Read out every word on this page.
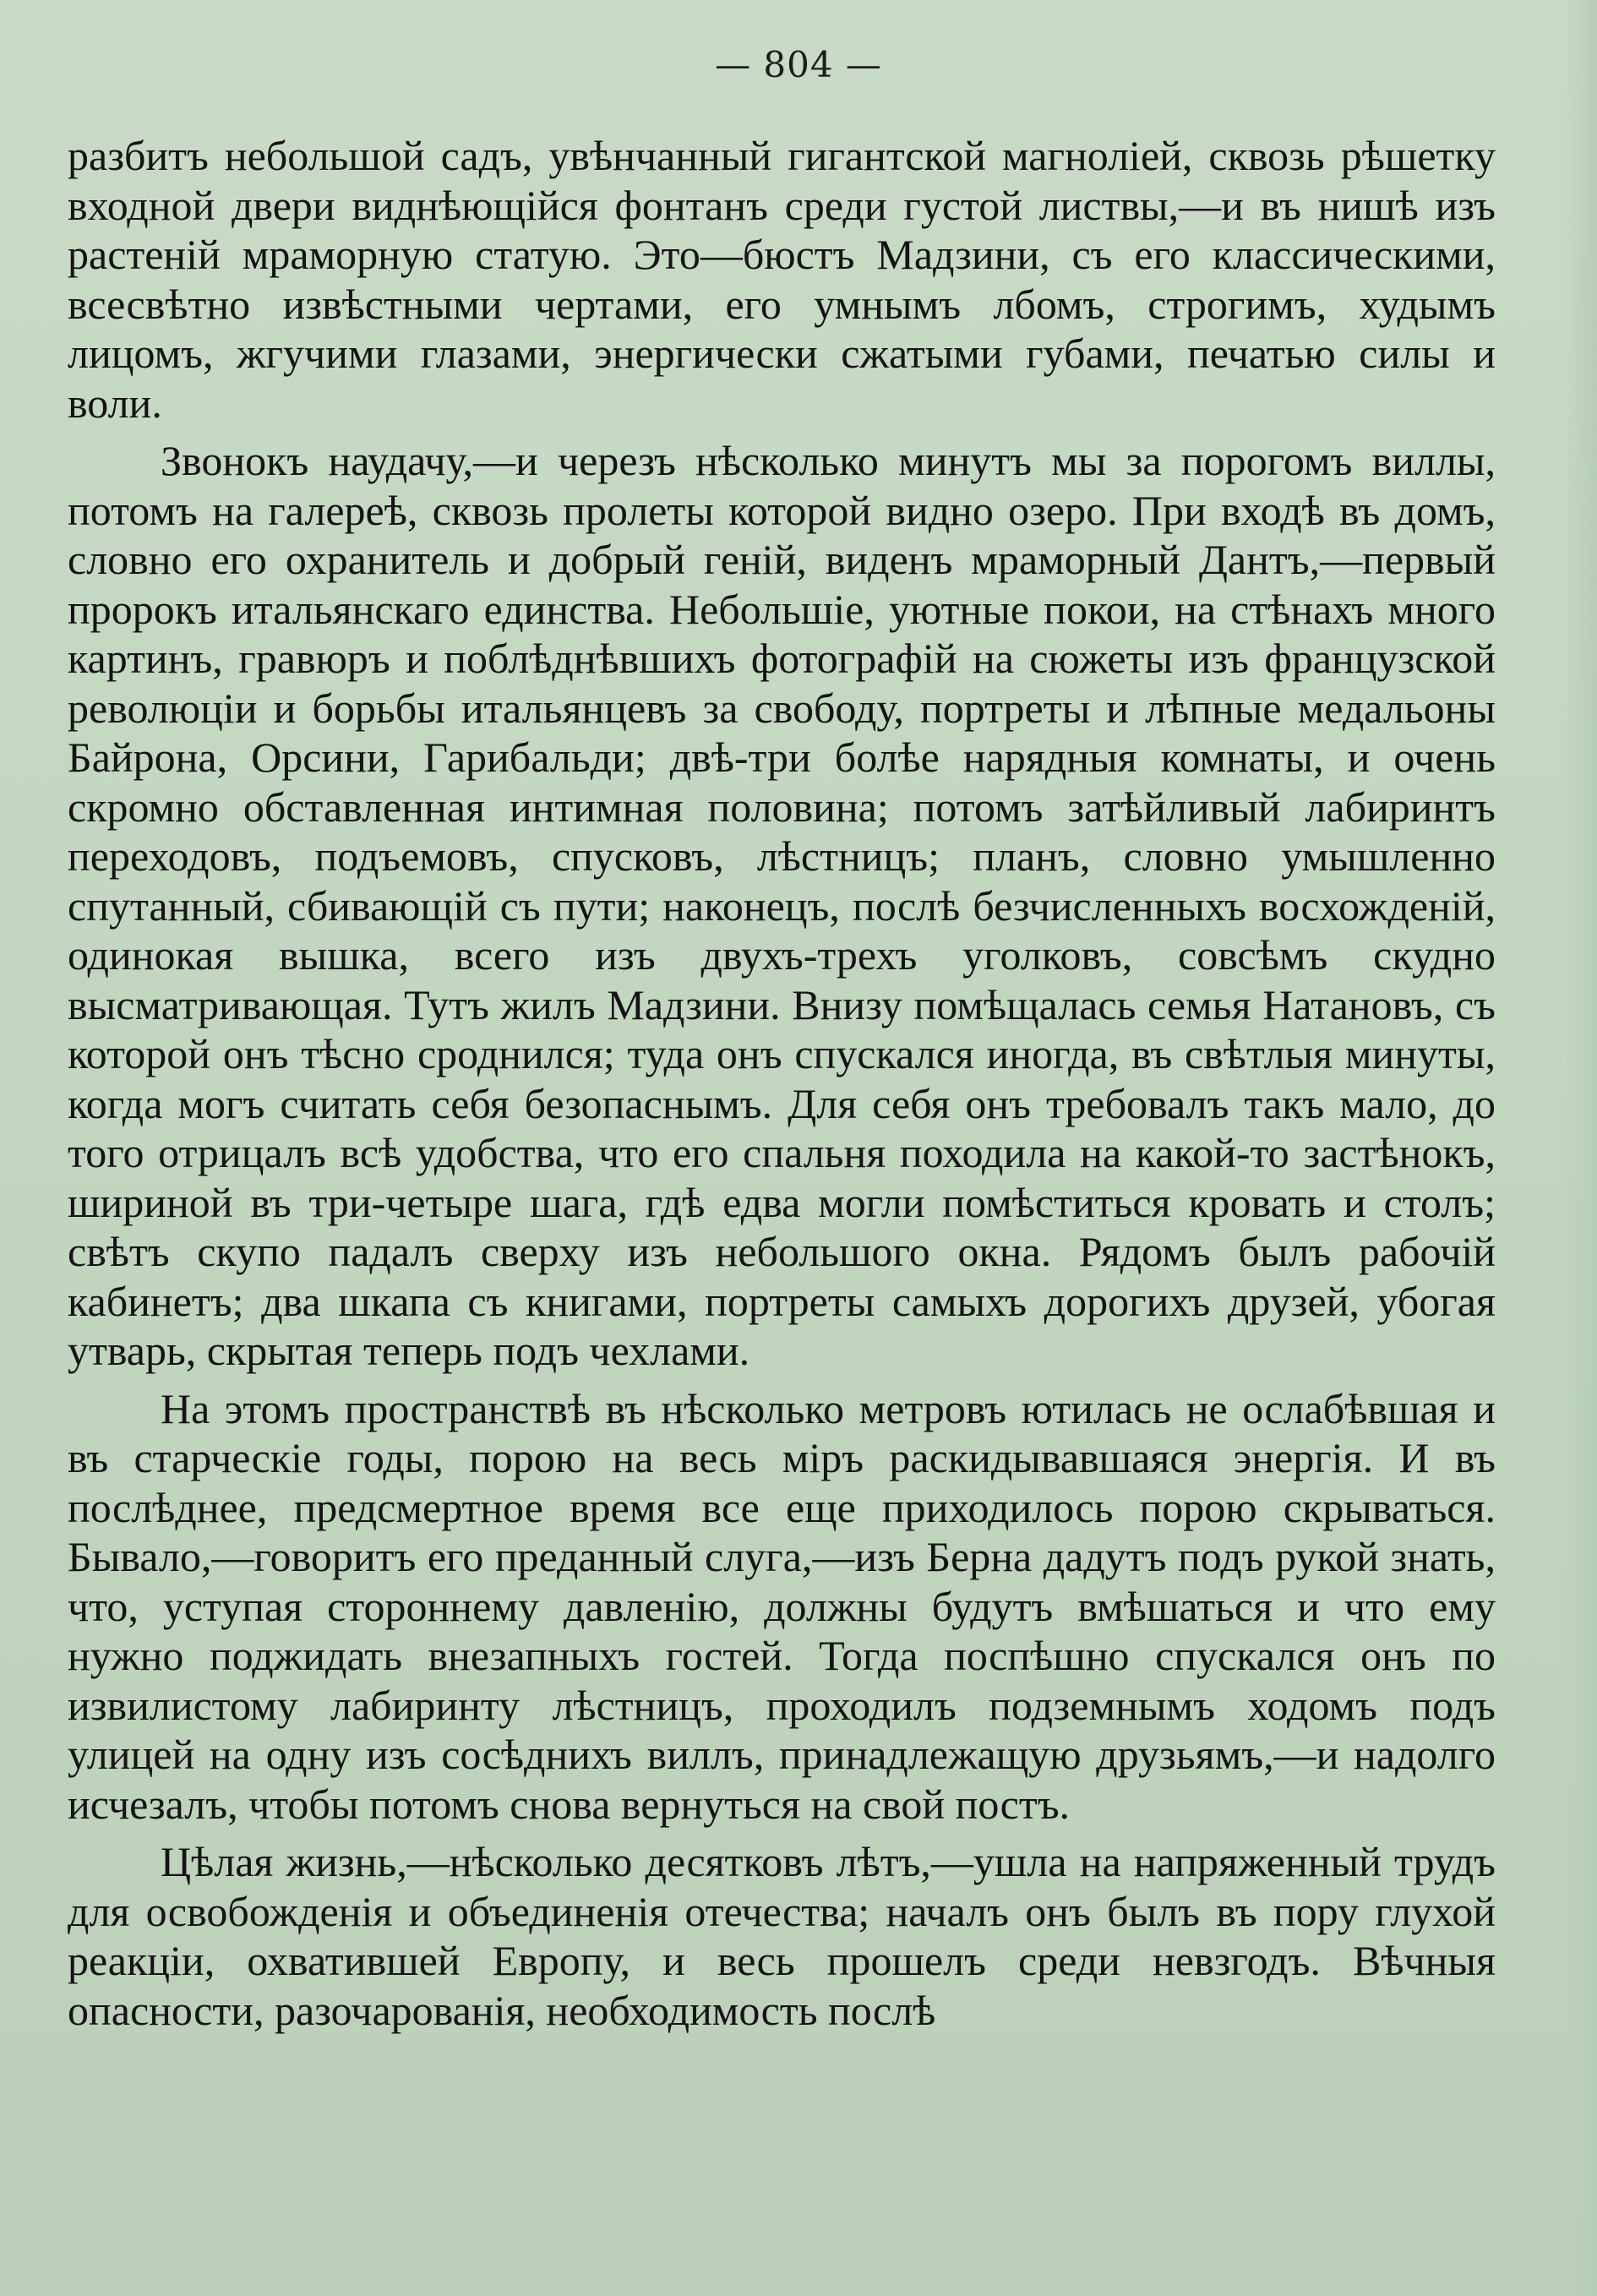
— 804 —

разбитъ небольшой садъ, увѣнчанный гигантской магноліей, сквозь рѣшетку входной двери виднѣющійся фонтанъ среди густой листвы,—и въ нишѣ изъ растеній мраморную статую. Это—бюстъ Мадзини, съ его классическими, всесвѣтно извѣстными чертами, его умнымъ лбомъ, строгимъ, худымъ лицомъ, жгучими глазами, энергически сжатыми губами, печатью силы и воли.

Звонокъ наудачу,—и черезъ нѣсколько минутъ мы за порогомъ виллы, потомъ на галереѣ, сквозь пролеты которой видно озеро. При входѣ въ домъ, словно его охранитель и добрый геній, виденъ мраморный Дантъ,—первый пророкъ итальянскаго единства. Небольшіе, уютные покои, на стѣнахъ много картинъ, гравюръ и поблѣднѣвшихъ фотографій на сюжеты изъ французской революціи и борьбы итальянцевъ за свободу, портреты и лѣпные медальоны Байрона, Орсини, Гарибальди; двѣ-три болѣе нарядныя комнаты, и очень скромно обставленная интимная половина; потомъ затѣйливый лабиринтъ переходовъ, подъемовъ, спусковъ, лѣстницъ; планъ, словно умышленно спутанный, сбивающій съ пути; наконецъ, послѣ безчисленныхъ восхожденій, одинокая вышка, всего изъ двухъ-трехъ уголковъ, совсѣмъ скудно высматривающая. Тутъ жилъ Мадзини. Внизу помѣщалась семья Натановъ, съ которой онъ тѣсно сроднился; туда онъ спускался иногда, въ свѣтлыя минуты, когда могъ считать себя безопаснымъ. Для себя онъ требовалъ такъ мало, до того отрицалъ всѣ удобства, что его спальня походила на какой-то застѣнокъ, шириной въ три-четыре шага, гдѣ едва могли помѣститься кровать и столъ; свѣтъ скупо падалъ сверху изъ небольшого окна. Рядомъ былъ рабочій кабинетъ; два шкапа съ книгами, портреты самыхъ дорогихъ друзей, убогая утварь, скрытая теперь подъ чехлами.

На этомъ пространствѣ въ нѣсколько метровъ ютилась не ослабѣвшая и въ старческіе годы, порою на весь міръ раскидывавшаяся энергія. И въ послѣднее, предсмертное время все еще приходилось порою скрываться. Бывало,—говоритъ его преданный слуга,—изъ Берна дадутъ подъ рукой знать, что, уступая стороннему давленію, должны будутъ вмѣшаться и что ему нужно поджидать внезапныхъ гостей. Тогда поспѣшно спускался онъ по извилистому лабиринту лѣстницъ, проходилъ подземнымъ ходомъ подъ улицей на одну изъ сосѣднихъ виллъ, принадлежащую друзьямъ,—и надолго исчезалъ, чтобы потомъ снова вернуться на свой постъ.

Цѣлая жизнь,—нѣсколько десятковъ лѣтъ,—ушла на напряженный трудъ для освобожденія и объединенія отечества; началъ онъ былъ въ пору глухой реакціи, охватившей Европу, и весь прошелъ среди невзгодъ. Вѣчныя опасности, разочарованія, необходимость послѣ
